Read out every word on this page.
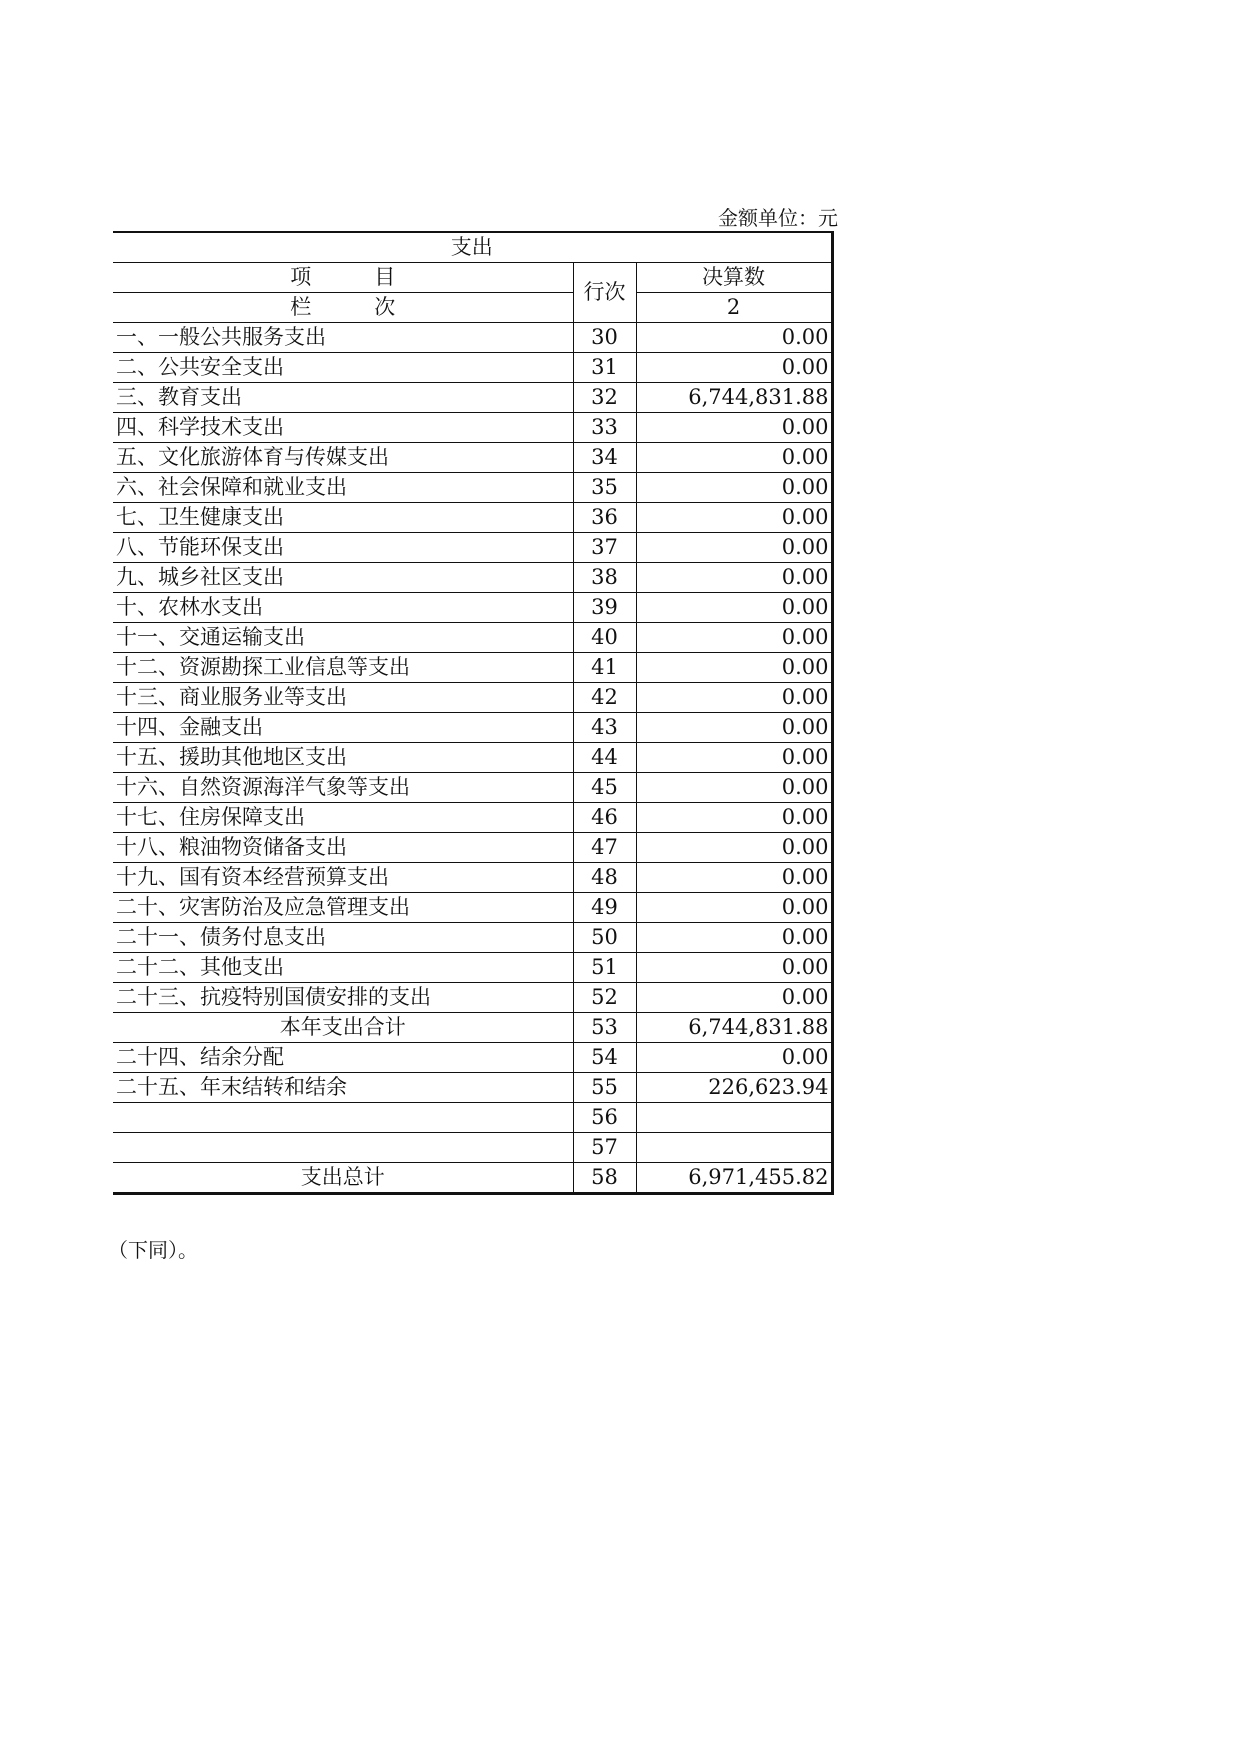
金额单位：元
支出		
项　　　目	行次	决算数
栏　　　次		2
一、一般公共服务支出	30	0.00
二、公共安全支出	31	0.00
三、教育支出	32	6,744,831.88
四、科学技术支出	33	0.00
五、文化旅游体育与传媒支出	34	0.00
六、社会保障和就业支出	35	0.00
七、卫生健康支出	36	0.00
八、节能环保支出	37	0.00
九、城乡社区支出	38	0.00
十、农林水支出	39	0.00
十一、交通运输支出	40	0.00
十二、资源勘探工业信息等支出	41	0.00
十三、商业服务业等支出	42	0.00
十四、金融支出	43	0.00
十五、援助其他地区支出	44	0.00
十六、自然资源海洋气象等支出	45	0.00
十七、住房保障支出	46	0.00
十八、粮油物资储备支出	47	0.00
十九、国有资本经营预算支出	48	0.00
二十、灾害防治及应急管理支出	49	0.00
二十一、债务付息支出	50	0.00
二十二、其他支出	51	0.00
二十三、抗疫特别国债安排的支出	52	0.00
本年支出合计	53	6,744,831.88
二十四、结余分配	54	0.00
二十五、年末结转和结余	55	226,623.94
	56	
	57	
支出总计	58	6,971,455.82
（下同）。
